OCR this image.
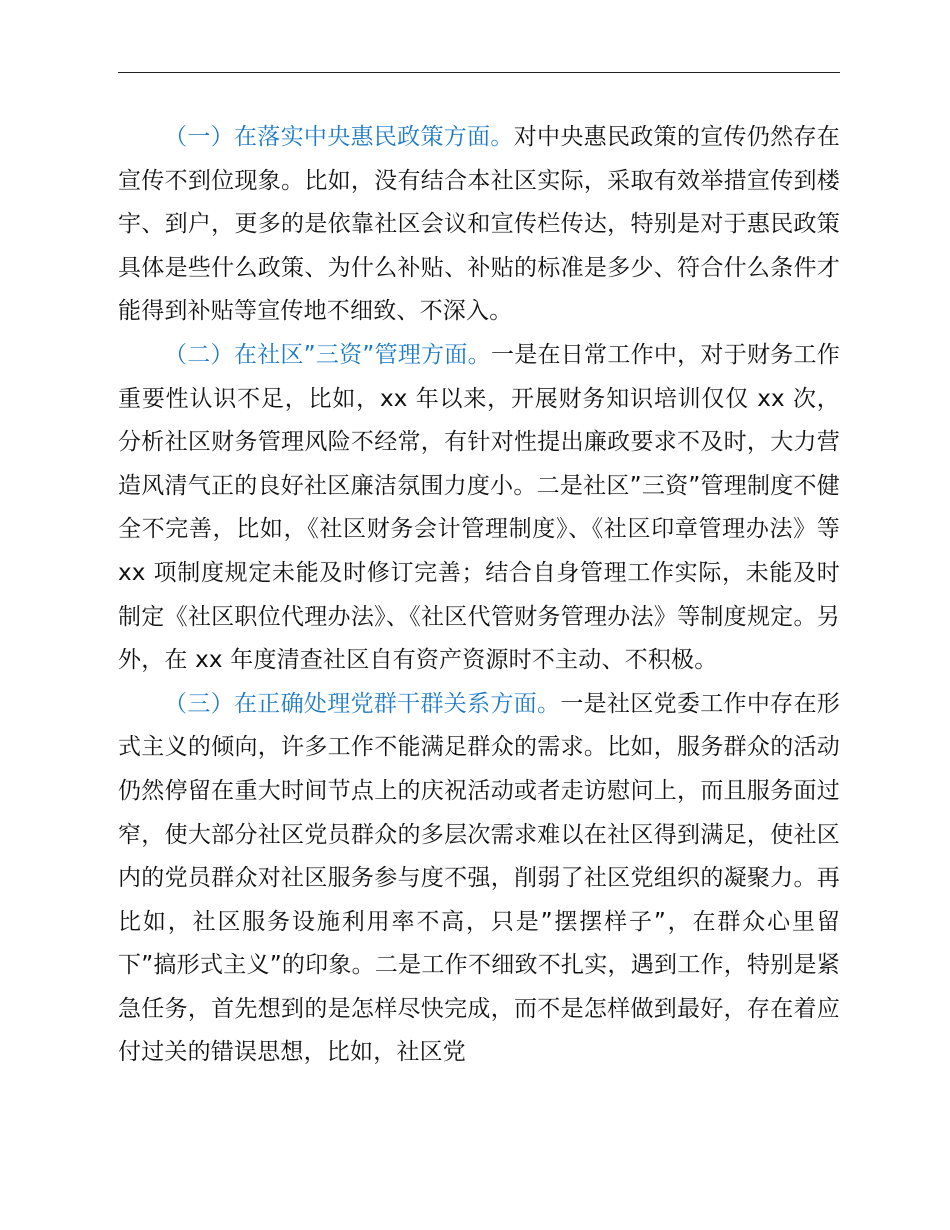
（一）在落实中央惠民政策方面。对中央惠民政策的宣传仍然存在宣传不到位现象。比如，没有结合本社区实际，采取有效举措宣传到楼宇、到户，更多的是依靠社区会议和宣传栏传达，特别是对于惠民政策具体是些什么政策、为什么补贴、补贴的标准是多少、符合什么条件才能得到补贴等宣传地不细致、不深入。

（二）在社区”三资”管理方面。一是在日常工作中，对于财务工作重要性认识不足，比如，xx 年以来，开展财务知识培训仅仅 xx 次，分析社区财务管理风险不经常，有针对性提出廉政要求不及时，大力营造风清气正的良好社区廉洁氛围力度小。二是社区”三资”管理制度不健全不完善，比如，《社区财务会计管理制度》、《社区印章管理办法》等 xx 项制度规定未能及时修订完善；结合自身管理工作实际，未能及时制定《社区职位代理办法》、《社区代管财务管理办法》等制度规定。另外，在 xx 年度清查社区自有资产资源时不主动、不积极。

（三）在正确处理党群干群关系方面。一是社区党委工作中存在形式主义的倾向，许多工作不能满足群众的需求。比如，服务群众的活动仍然停留在重大时间节点上的庆祝活动或者走访慰问上，而且服务面过窄，使大部分社区党员群众的多层次需求难以在社区得到满足，使社区内的党员群众对社区服务参与度不强，削弱了社区党组织的凝聚力。再比如，社区服务设施利用率不高，只是”摆摆样子”，在群众心里留下”搞形式主义”的印象。二是工作不细致不扎实，遇到工作，特别是紧急任务，首先想到的是怎样尽快完成，而不是怎样做到最好，存在着应付过关的错误思想，比如，社区党
